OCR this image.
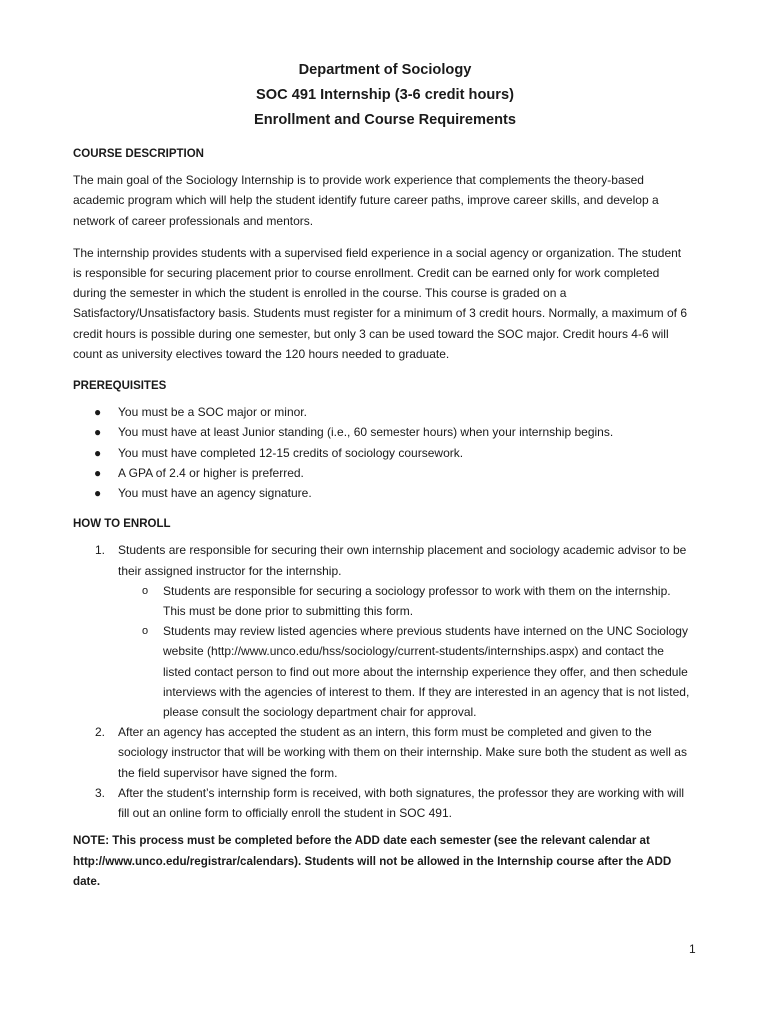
Department of Sociology
SOC 491 Internship (3-6 credit hours)
Enrollment and Course Requirements
COURSE DESCRIPTION

The main goal of the Sociology Internship is to provide work experience that complements the theory-based academic program which will help the student identify future career paths, improve career skills, and develop a network of career professionals and mentors.

The internship provides students with a supervised field experience in a social agency or organization. The student is responsible for securing placement prior to course enrollment. Credit can be earned only for work completed during the semester in which the student is enrolled in the course. This course is graded on a Satisfactory/Unsatisfactory basis. Students must register for a minimum of 3 credit hours. Normally, a maximum of 6 credit hours is possible during one semester, but only 3 can be used toward the SOC major. Credit hours 4-6 will count as university electives toward the 120 hours needed to graduate.

PREREQUISITES
● You must be a SOC major or minor.
● You must have at least Junior standing (i.e., 60 semester hours) when your internship begins.
● You must have completed 12-15 credits of sociology coursework.
● A GPA of 2.4 or higher is preferred.
● You must have an agency signature.
HOW TO ENROLL
1. Students are responsible for securing their own internship placement and sociology academic advisor to be their assigned instructor for the internship.
o Students are responsible for securing a sociology professor to work with them on the internship. This must be done prior to submitting this form.
o Students may review listed agencies where previous students have interned on the UNC Sociology website (http://www.unco.edu/hss/sociology/current-students/internships.aspx) and contact the listed contact person to find out more about the internship experience they offer, and then schedule interviews with the agencies of interest to them. If they are interested in an agency that is not listed, please consult the sociology department chair for approval.
2. After an agency has accepted the student as an intern, this form must be completed and given to the sociology instructor that will be working with them on their internship. Make sure both the student as well as the field supervisor have signed the form.
3. After the student’s internship form is received, with both signatures, the professor they are working with will fill out an online form to officially enroll the student in SOC 491.
NOTE: This process must be completed before the ADD date each semester (see the relevant calendar at http://www.unco.edu/registrar/calendars). Students will not be allowed in the Internship course after the ADD date.
1
